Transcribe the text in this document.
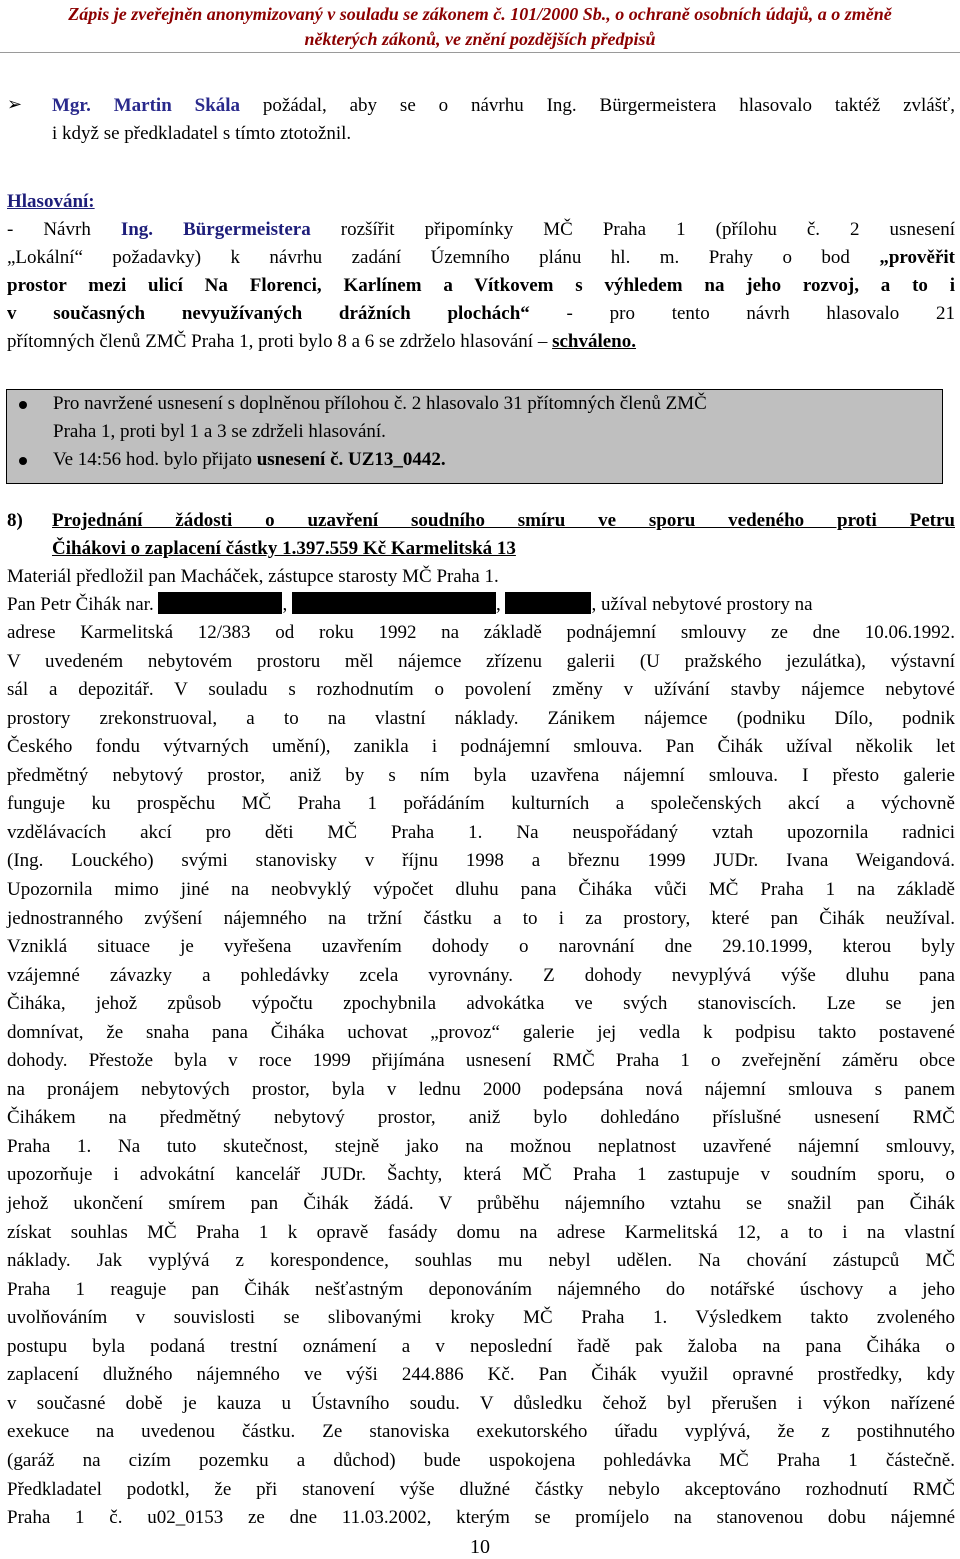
Zápis je zveřejněn anonymizovaný v souladu se zákonem č. 101/2000 Sb., o ochraně osobních údajů, a o změně
některých zákonů, ve znění pozdějších předpisů
➢ Mgr. Martin Skála požádal, aby se o návrhu Ing. Bürgermeistera hlasovalo taktéž zvlášť,
i když se předkladatel s tímto ztotožnil.
Hlasování:
- Návrh Ing. Bürgermeistera rozšířit připomínky MČ Praha 1 (přílohu č. 2 usnesení
„Lokální“ požadavky) k návrhu zadání Územního plánu hl. m. Prahy o bod „prověřit
prostor mezi ulicí Na Florenci, Karlínem a Vítkovem s výhledem na jeho rozvoj, a to i
v současných nevyužívaných drážních plochách“ - pro tento návrh hlasovalo 21
přítomných členů ZMČ Praha 1, proti bylo 8 a 6 se zdrželo hlasování – schváleno.
Pro navržené usnesení s doplněnou přílohou č. 2 hlasovalo 31 přítomných členů ZMČ
Praha 1, proti byl 1 a 3 se zdrželi hlasování.
Ve 14:56 hod. bylo přijato usnesení č. UZ13_0442.
8) Projednání žádosti o uzavření soudního smíru ve sporu vedeného proti Petru
Čihákovi o zaplacení částky 1.397.559 Kč Karmelitská 13
Materiál předložil pan Macháček, zástupce starosty MČ Praha 1.
Pan Petr Čihák nar.	,	,	, užíval nebytové prostory na
adrese Karmelitská 12/383 od roku 1992 na základě podnájemní smlouvy ze dne 10.06.1992.
V uvedeném nebytovém prostoru měl nájemce zřízenu galerii (U pražského jezulátka), výstavní
sál a depozitář. V souladu s rozhodnutím o povolení změny v užívání stavby nájemce nebytové
prostory zrekonstruoval, a to na vlastní náklady. Zánikem nájemce (podniku Dílo, podnik
Českého fondu výtvarných umění), zanikla i podnájemní smlouva. Pan Čihák užíval několik let
předmětný nebytový prostor, aniž by s ním byla uzavřena nájemní smlouva. I přesto galerie
funguje ku prospěchu MČ Praha 1 pořádáním kulturních a společenských akcí a výchovně
vzdělávacích akcí pro děti MČ Praha 1. Na neuspořádaný vztah upozornila radnici
(Ing. Louckého) svými stanovisky v říjnu 1998 a březnu 1999 JUDr. Ivana Weigandová.
Upozornila mimo jiné na neobvyklý výpočet dluhu pana Čiháka vůči MČ Praha 1 na základě
jednostranného zvýšení nájemného na tržní částku a to i za prostory, které pan Čihák neužíval.
Vzniklá situace je vyřešena uzavřením dohody o narovnání dne 29.10.1999, kterou byly
vzájemné závazky a pohledávky zcela vyrovnány. Z dohody nevyplývá výše dluhu pana
Čiháka, jehož způsob výpočtu zpochybnila advokátka ve svých stanoviscích. Lze se jen
domnívat, že snaha pana Čiháka uchovat „provoz“ galerie jej vedla k podpisu takto postavené
dohody. Přestože byla v roce 1999 přijímána usnesení RMČ Praha 1 o zveřejnění záměru obce
na pronájem nebytových prostor, byla v lednu 2000 podepsána nová nájemní smlouva s panem
Čihákem na předmětný nebytový prostor, aniž bylo dohledáno příslušné usnesení RMČ
Praha 1. Na tuto skutečnost, stejně jako na možnou neplatnost uzavřené nájemní smlouvy,
upozorňuje i advokátní kancelář JUDr. Šachty, která MČ Praha 1 zastupuje v soudním sporu, o
jehož ukončení smírem pan Čihák žádá. V průběhu nájemního vztahu se snažil pan Čihák
získat souhlas MČ Praha 1 k opravě fasády domu na adrese Karmelitská 12, a to i na vlastní
náklady. Jak vyplývá z korespondence, souhlas mu nebyl udělen. Na chování zástupců MČ
Praha 1 reaguje pan Čihák nešťastným deponováním nájemného do notářské úschovy a jeho
uvolňováním v souvislosti se slibovanými kroky MČ Praha 1. Výsledkem takto zvoleného
postupu byla podaná trestní oznámení a v neposlední řadě pak žaloba na pana Čiháka o
zaplacení dlužného nájemného ve výši 244.886 Kč. Pan Čihák využil opravné prostředky, kdy
v současné době je kauza u Ústavního soudu. V důsledku čehož byl přerušen i výkon nařízené
exekuce na uvedenou částku. Ze stanoviska exekutorského úřadu vyplývá, že z postihnutého
(garáž na cizím pozemku a důchod) bude uspokojena pohledávka MČ Praha 1 částečně.
Předkladatel podotkl, že při stanovení výše dlužné částky nebylo akceptováno rozhodnutí RMČ
Praha 1 č. u02_0153 ze dne 11.03.2002, kterým se promíjelo na stanovenou dobu nájemné
10
